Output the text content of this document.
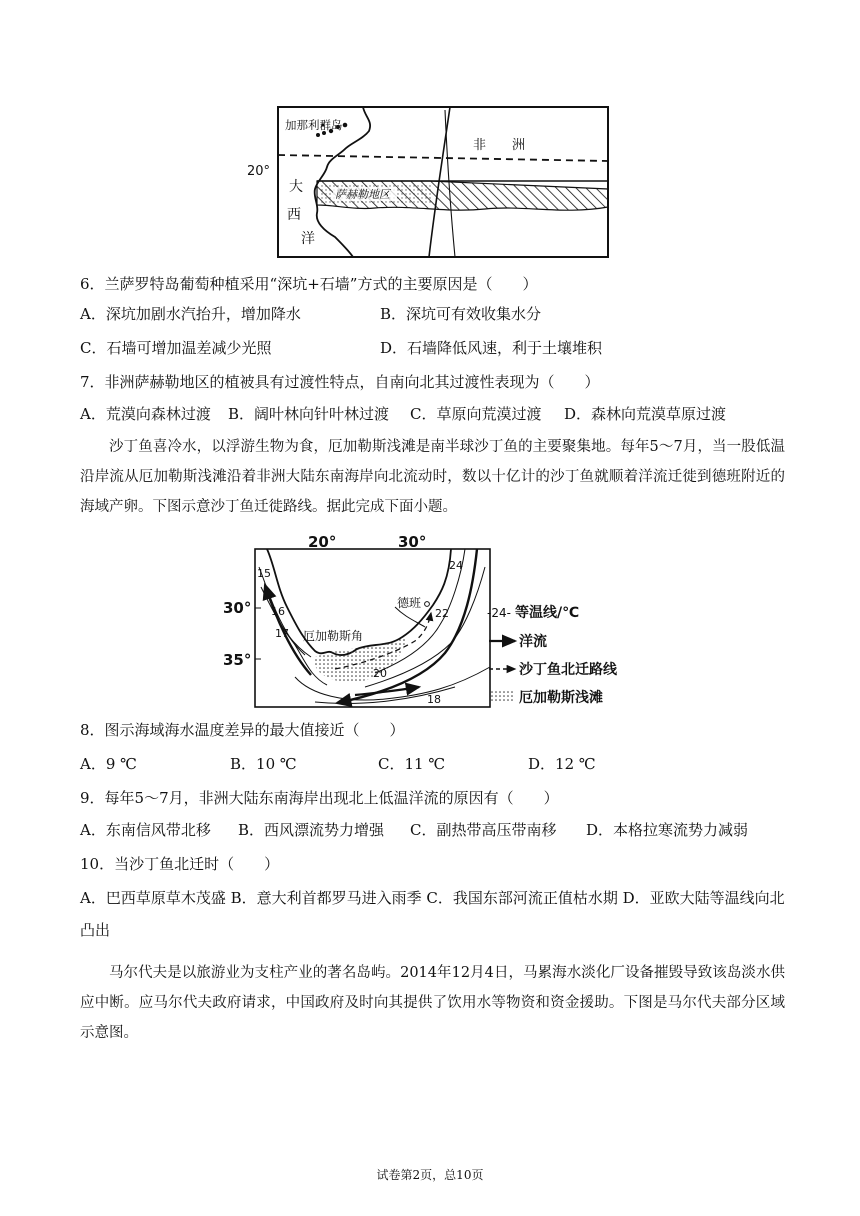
加那利群岛
20°
非　　洲
萨赫勒地区
大
西
洋
6．兰萨罗特岛葡萄种植采用“深坑+石墙”方式的主要原因是（　　）
A．深坑加剧水汽抬升，增加降水	B．深坑可有效收集水分
C．石墙可增加温差减少光照	D．石墙降低风速，利于土壤堆积
7．非洲萨赫勒地区的植被具有过渡性特点，自南向北其过渡性表现为（　　）
A．荒漠向森林过渡 B．阔叶林向针叶林过渡 C．草原向荒漠过渡 D．森林向荒漠草原过渡

沙丁鱼喜冷水，以浮游生物为食，厄加勒斯浅滩是南半球沙丁鱼的主要聚集地。每年5～7月，当一股低温沿岸流从厄加勒斯浅滩沿着非洲大陆东南海岸向北流动时，数以十亿计的沙丁鱼就顺着洋流迁徙到德班附近的海域产卵。下图示意沙丁鱼迁徙路线。据此完成下面小题。

20°	30°
30°
35°
德班
厄加勒斯角
15
16
17
20
22
24
18
-24- 等温线/℃
洋流
沙丁鱼北迁路线
厄加勒斯浅滩
8．图示海域海水温度差异的最大值接近（　　）
A．9 ℃	B．10 ℃	C．11 ℃	D．12 ℃
9．每年5～7月，非洲大陆东南海岸出现北上低温洋流的原因有（　　）
A．东南信风带北移 B．西风漂流势力增强 C．副热带高压带南移 D．本格拉寒流势力减弱
10．当沙丁鱼北迁时（　　）
A．巴西草原草木茂盛 B．意大利首都罗马进入雨季 C．我国东部河流正值枯水期 D．亚欧大陆等温线向北
凸出

马尔代夫是以旅游业为支柱产业的著名岛屿。2014年12月4日，马累海水淡化厂设备摧毁导致该岛淡水供应中断。应马尔代夫政府请求，中国政府及时向其提供了饮用水等物资和资金援助。下图是马尔代夫部分区域示意图。

试卷第2页，总10页
